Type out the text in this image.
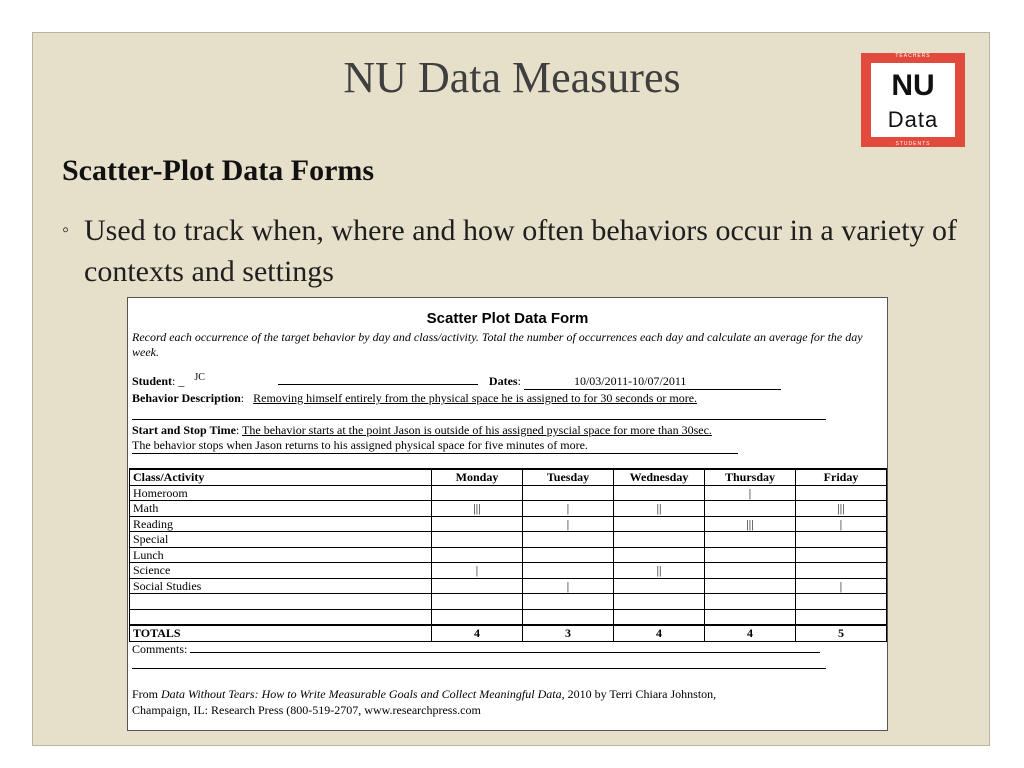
NU Data Measures	TEACHERS
NU
Data
STUDENTS
Scatter-Plot Data Forms
◦ Used to track when, where and how often behaviors occur in a variety of contexts and settings
Scatter Plot Data Form
Record each occurrence of the target behavior by day and class/activity. Total the number of occurrences each day and calculate an average for the day week.
Student: _ $^{JC}$	Dates:	10/03/2011-10/07/2011
Behavior Description: Removing himself entirely from the physical space he is assigned to for 30 seconds or more.
Start and Stop Time: The behavior starts at the point Jason is outside of his assigned pyscial space for more than 30sec.
The behavior stops when Jason returns to his assigned physical space for five minutes of more.
Class/Activity	Monday	Tuesday	Wednesday	Thursday	Friday
Homeroom				|	
Math	|||	|	||		|||
Reading		|		|||	|
Special					
Lunch					
Science	|		||		
Social Studies		|			|

TOTALS	4	3	4	4	5
Comments:
From Data Without Tears: How to Write Measurable Goals and Collect Meaningful Data, 2010 by Terri Chiara Johnston,
Champaign, IL: Research Press (800-519-2707, www.researchpress.com
